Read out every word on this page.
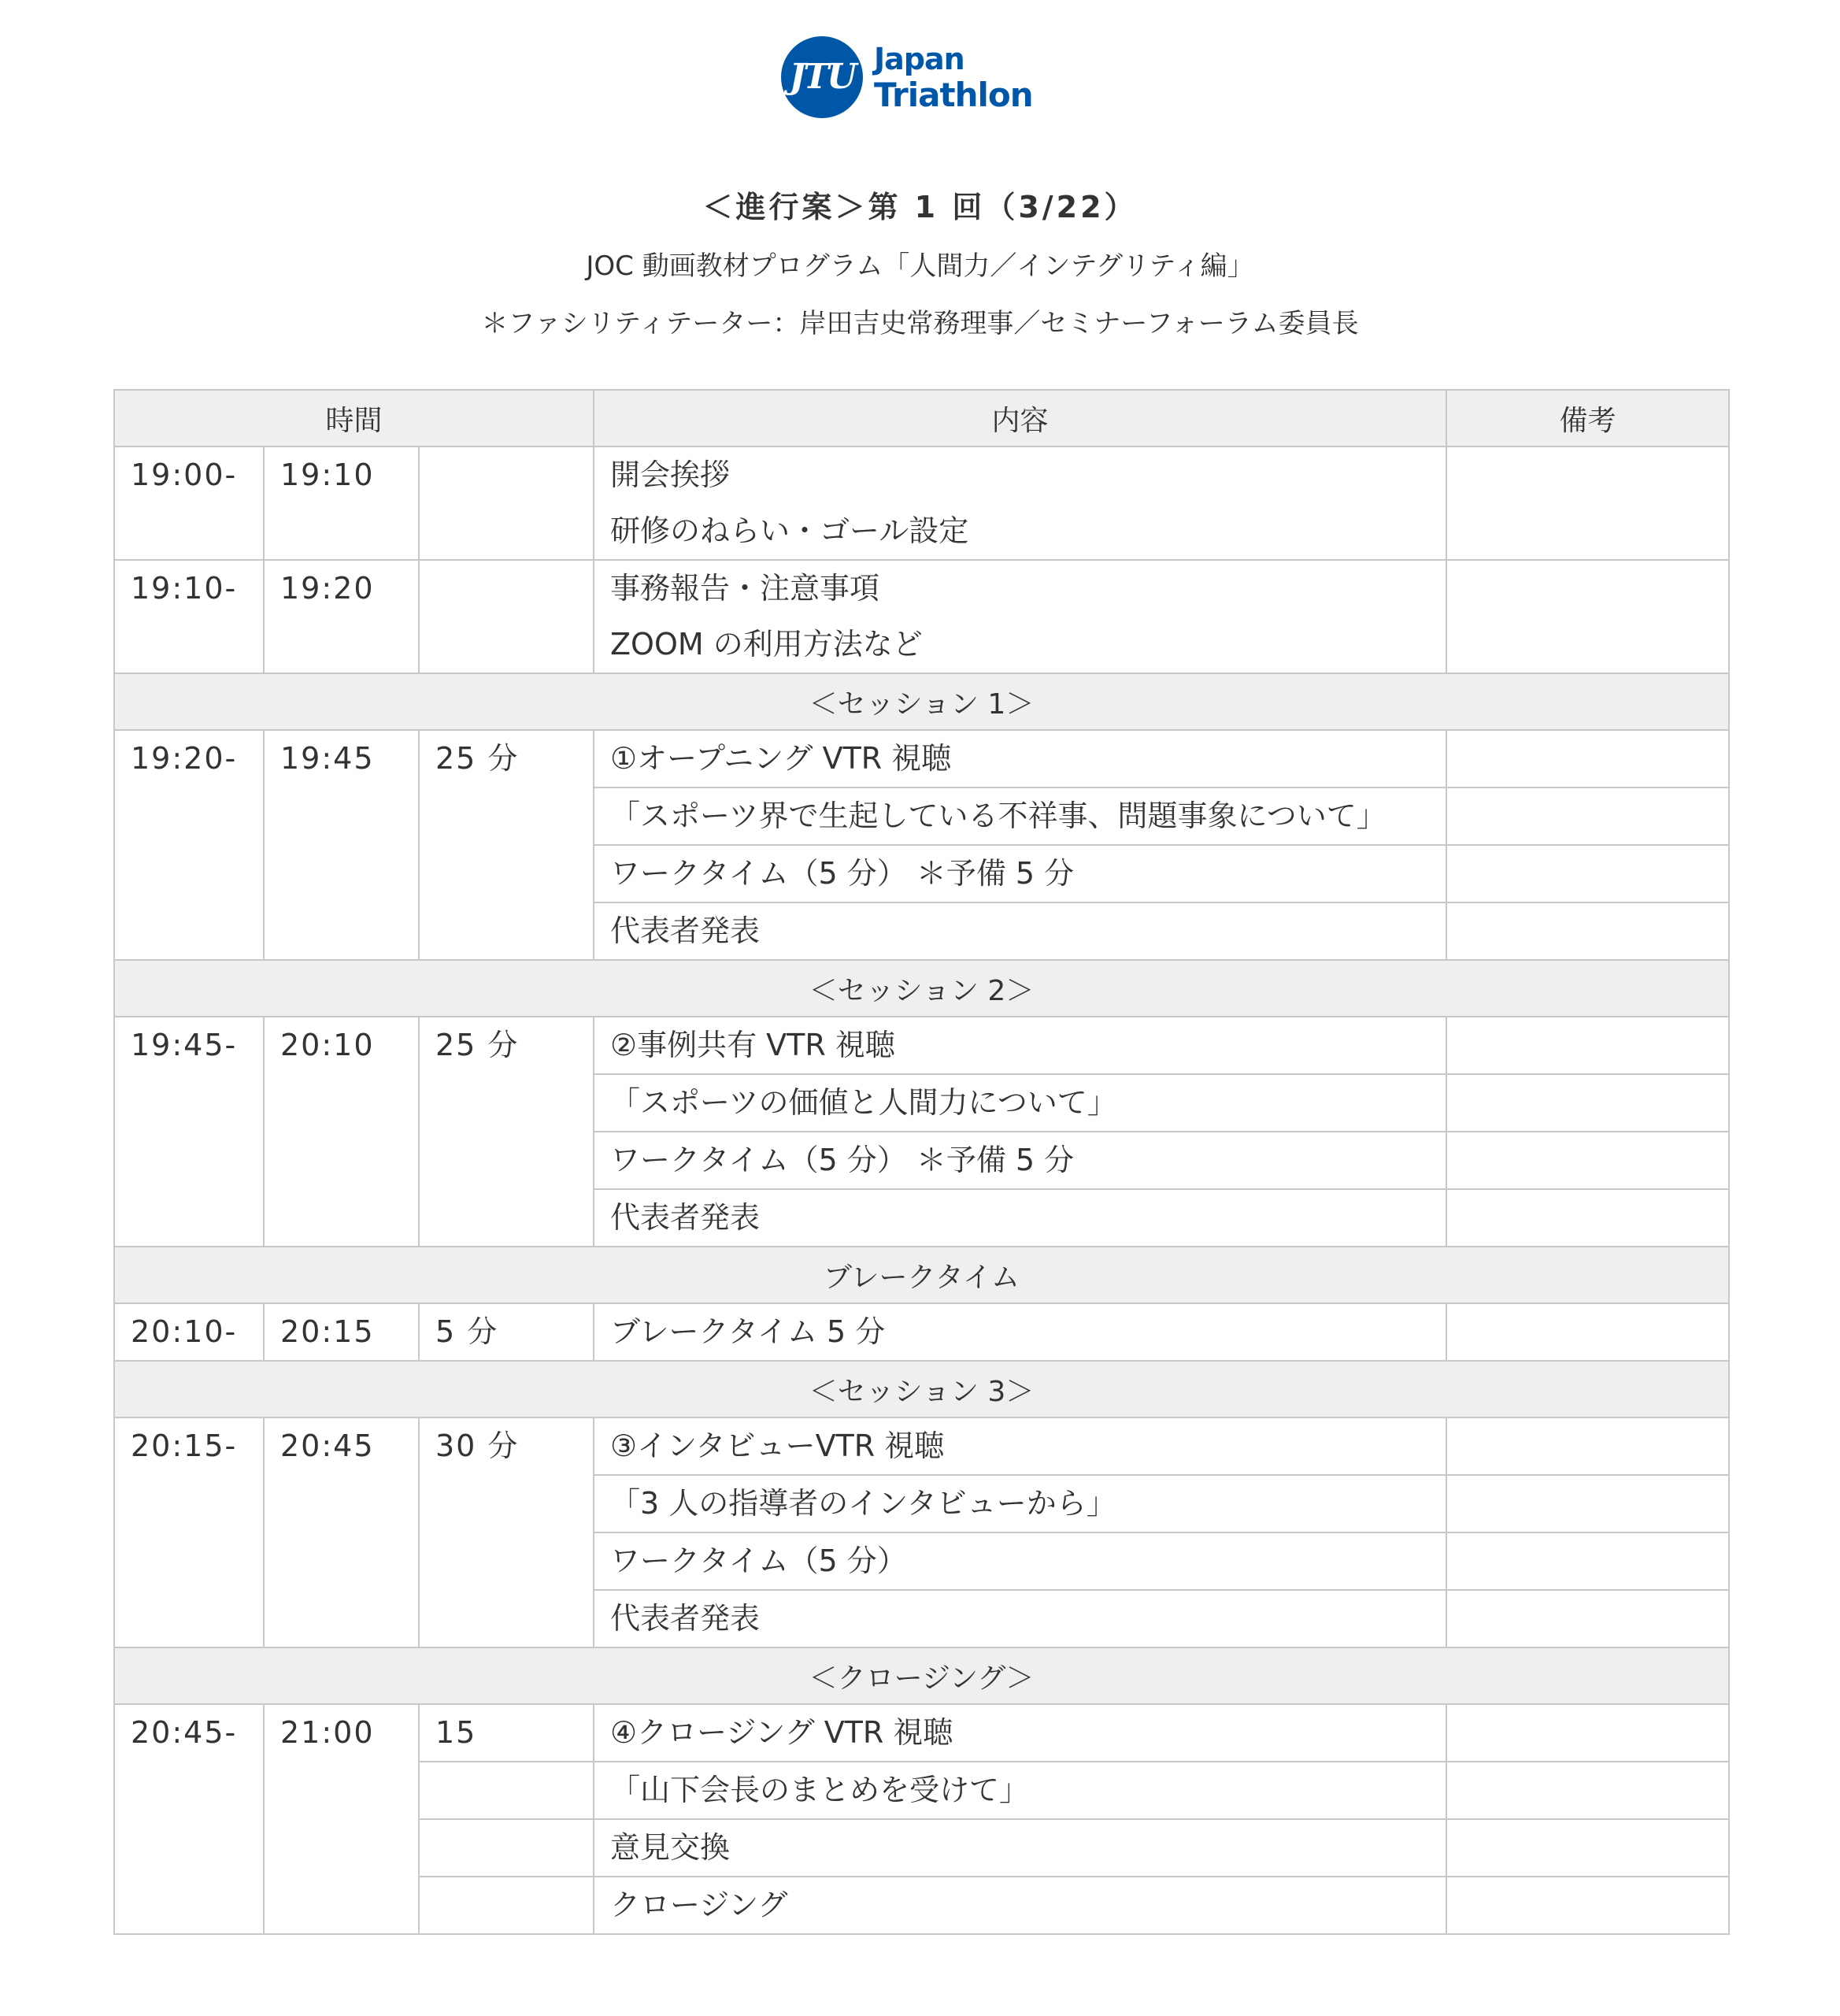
JTU Japan
Triathlon
＜進行案＞第 1 回（3/22）
JOC 動画教材プログラム「人間力／インテグリティ編」
＊ファシリティテーター：岸田吉史常務理事／セミナーフォーラム委員長
時間			内容	備考
19:00-	19:10		開会挨拶	
			研修のねらい・ゴール設定	
19:10-	19:20		事務報告・注意事項	
			ZOOM の利用方法など	
＜セッション 1＞				
19:20-	19:45	25 分	①オープニング VTR 視聴	
			「スポーツ界で生起している不祥事、問題事象について」	
			ワークタイム（5 分） ＊予備 5 分	
			代表者発表	
＜セッション 2＞				
19:45-	20:10	25 分	②事例共有 VTR 視聴	
			「スポーツの価値と人間力について」	
			ワークタイム（5 分） ＊予備 5 分	
			代表者発表	
ブレークタイム				
20:10-	20:15	5 分	ブレークタイム 5 分	
＜セッション 3＞				
20:15-	20:45	30 分	③インタビューVTR 視聴	
			「3 人の指導者のインタビューから」	
			ワークタイム（5 分）	
			代表者発表	
＜クロージング＞				
20:45-	21:00	15	④クロージング VTR 視聴	
			「山下会長のまとめを受けて」	
			意見交換	
			クロージング	
